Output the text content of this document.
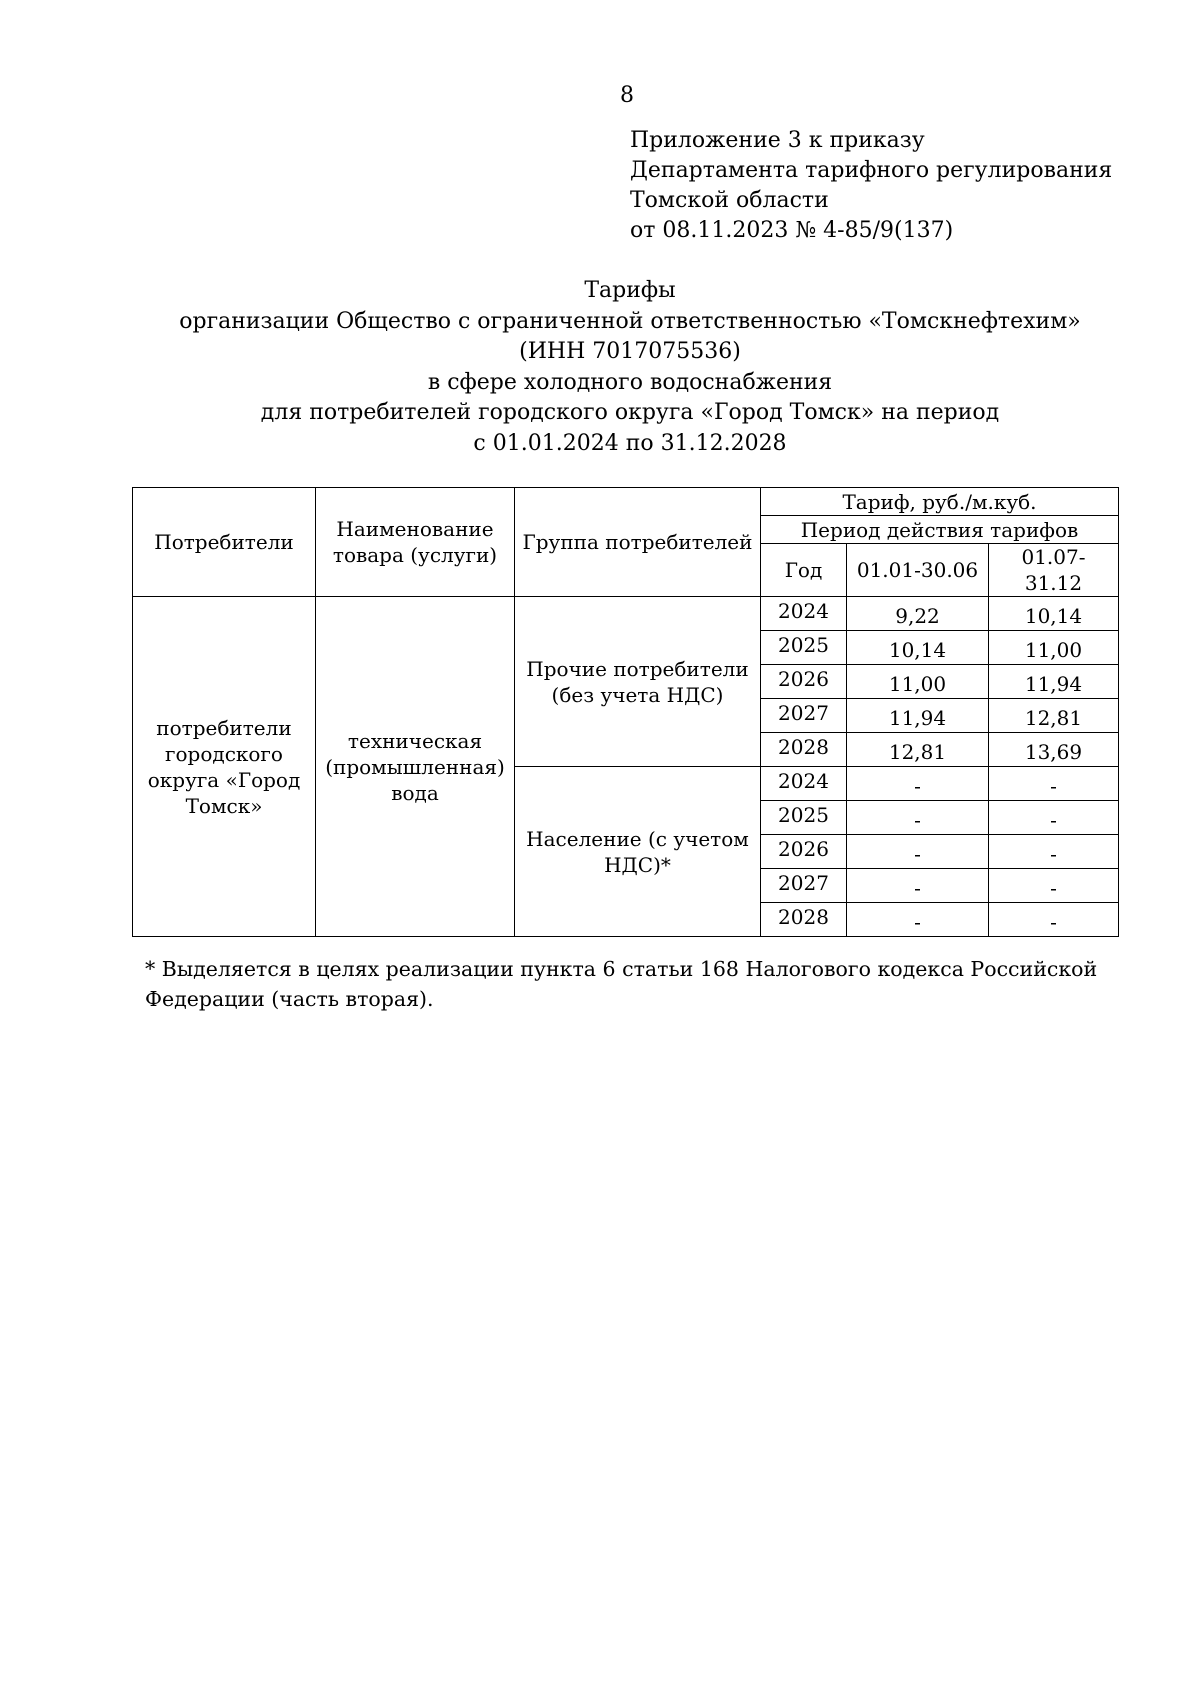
8
Приложение 3 к приказу
Департамента тарифного регулирования
Томской области
от 08.11.2023 № 4-85/9(137)
Тарифы
организации Общество с ограниченной ответственностью «Томскнефтехим»
(ИНН 7017075536)
в сфере холодного водоснабжения
для потребителей городского округа «Город Томск» на период
с 01.01.2024 по 31.12.2028
Потребители	Наименование товара (услуги)	Группа потребителей	Тариф, руб./м.куб.		
			Период действия тарифов		
			Год	01.01-30.06	01.07-31.12
потребители городского округа «Город Томск»	техническая (промышленная) вода	Прочие потребители (без учета НДС)	2024	9,22	10,14
			2025	10,14	11,00
			2026	11,00	11,94
			2027	11,94	12,81
			2028	12,81	13,69
		Население (с учетом НДС)*	2024	-	-
			2025	-	-
			2026	-	-
			2027	-	-
			2028	-	-
* Выделяется в целях реализации пункта 6 статьи 168 Налогового кодекса Российской Федерации (часть вторая).
